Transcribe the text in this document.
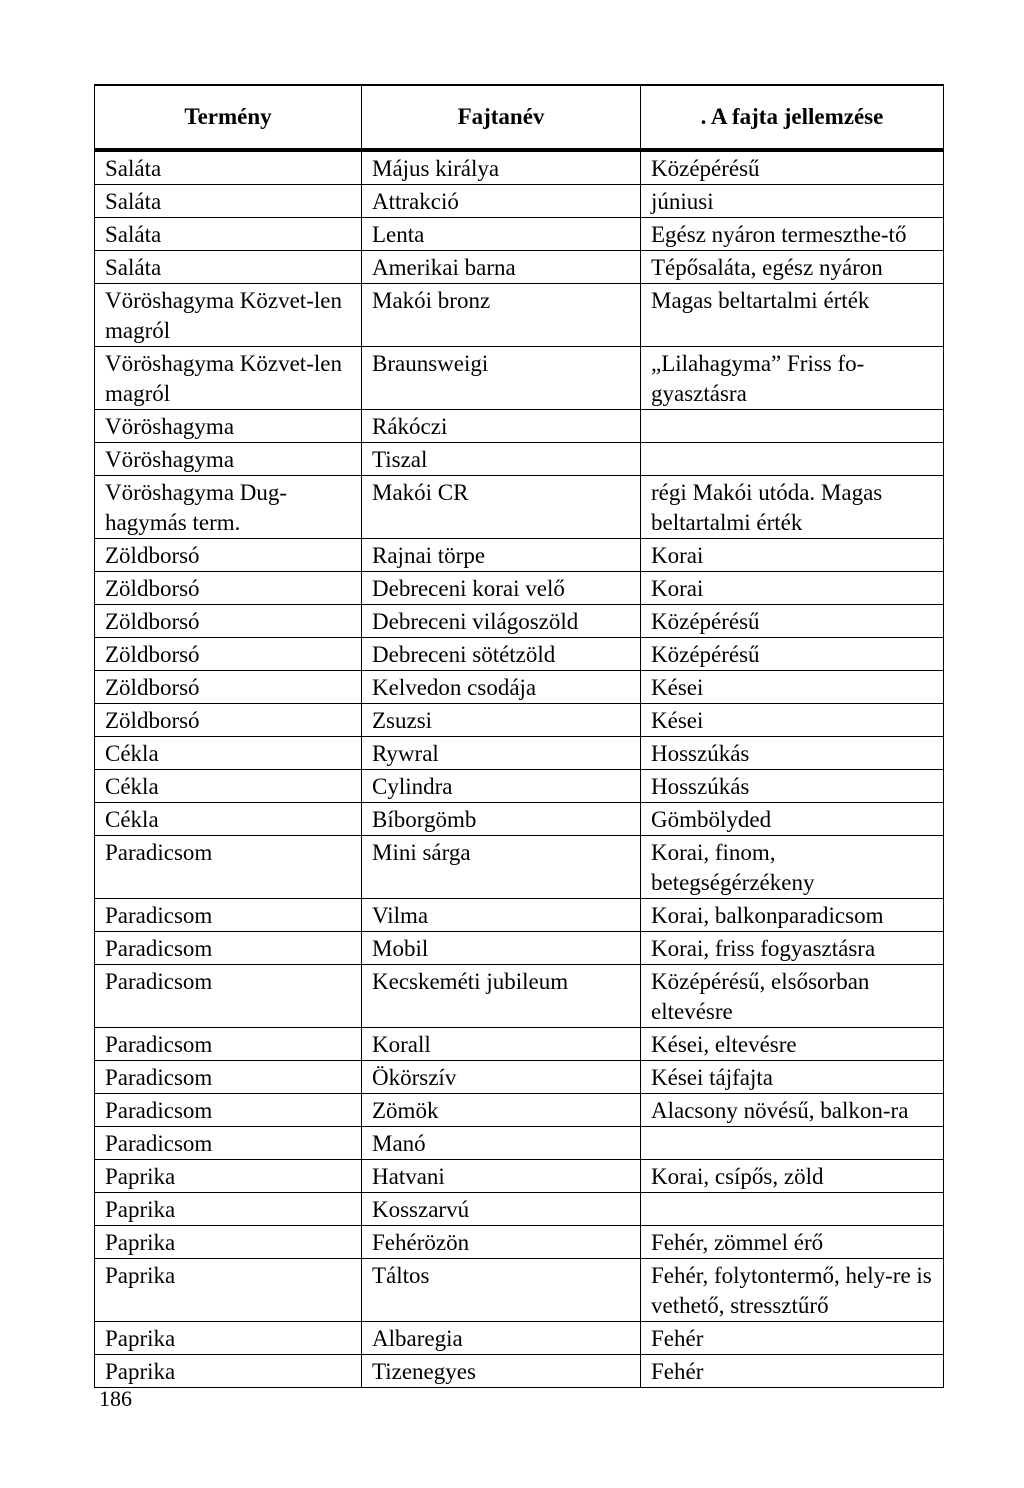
Termény	Fajtanév	. A fajta jellemzése
Saláta	Május királya	Középérésű
Saláta	Attrakció	júniusi
Saláta	Lenta	Egész nyáron termeszthe-tő
Saláta	Amerikai barna	Tépősaláta, egész nyáron
Vöröshagyma Közvet-len magról	Makói bronz	Magas beltartalmi érték
Vöröshagyma Közvet-len magról	Braunsweigi	„Lilahagyma” Friss fo-gyasztásra
Vöröshagyma	Rákóczi	
Vöröshagyma	Tiszal	
Vöröshagyma Dug-hagymás term.	Makói CR	régi Makói utóda. Magas beltartalmi érték
Zöldborsó	Rajnai törpe	Korai
Zöldborsó	Debreceni korai velő	Korai
Zöldborsó	Debreceni világoszöld	Középérésű
Zöldborsó	Debreceni sötétzöld	Középérésű
Zöldborsó	Kelvedon csodája	Kései
Zöldborsó	Zsuzsi	Kései
Cékla	Rywral	Hosszúkás
Cékla	Cylindra	Hosszúkás
Cékla	Bíborgömb	Gömbölyded
Paradicsom	Mini sárga	Korai, finom, betegségérzékeny
Paradicsom	Vilma	Korai, balkonparadicsom
Paradicsom	Mobil	Korai, friss fogyasztásra
Paradicsom	Kecskeméti jubileum	Középérésű, elsősorban eltevésre
Paradicsom	Korall	Kései, eltevésre
Paradicsom	Ökörszív	Kései tájfajta
Paradicsom	Zömök	Alacsony növésű, balkon-ra
Paradicsom	Manó	
Paprika	Hatvani	Korai, csípős, zöld
Paprika	Kosszarvú	
Paprika	Fehérözön	Fehér, zömmel érő
Paprika	Táltos	Fehér, folytontermő, hely-re is vethető, stressztűrő
Paprika	Albaregia	Fehér
Paprika	Tizenegyes	Fehér
186
